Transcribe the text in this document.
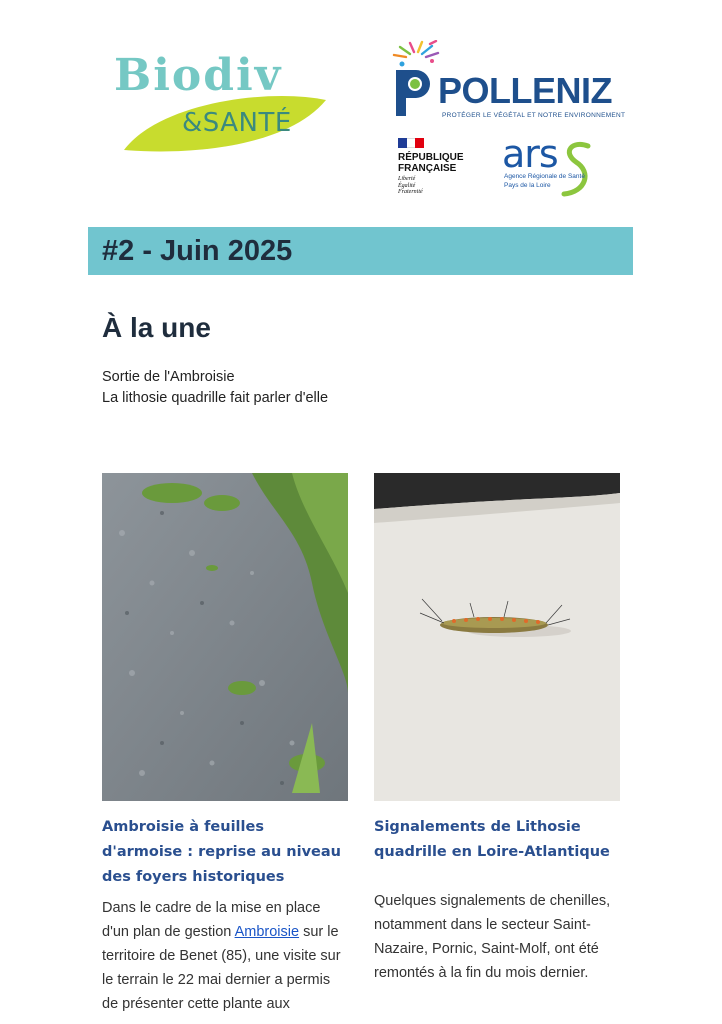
Biodiv
&SANTÉ
POLLENIZ
PROTÉGER LE VÉGÉTAL ET NOTRE ENVIRONNEMENT
RÉPUBLIQUE
FRANÇAISE
Liberté
Égalité
Fraternité
ars
Agence Régionale de Santé
Pays de la Loire
#2 - Juin 2025
À la une
Sortie de l'Ambroisie
La lithosie quadrille fait parler d'elle
Ambroisie à feuilles d'armoise : reprise au niveau des foyers historiques
Dans le cadre de la mise en place d'un plan de gestion Ambroisie sur le territoire de Benet (85), une visite sur le terrain le 22 mai dernier a permis de présenter cette plante aux
Signalements de Lithosie quadrille en Loire-Atlantique
Quelques signalements de chenilles, notamment dans le secteur Saint-Nazaire, Pornic, Saint-Molf, ont été remontés à la fin du mois dernier.
